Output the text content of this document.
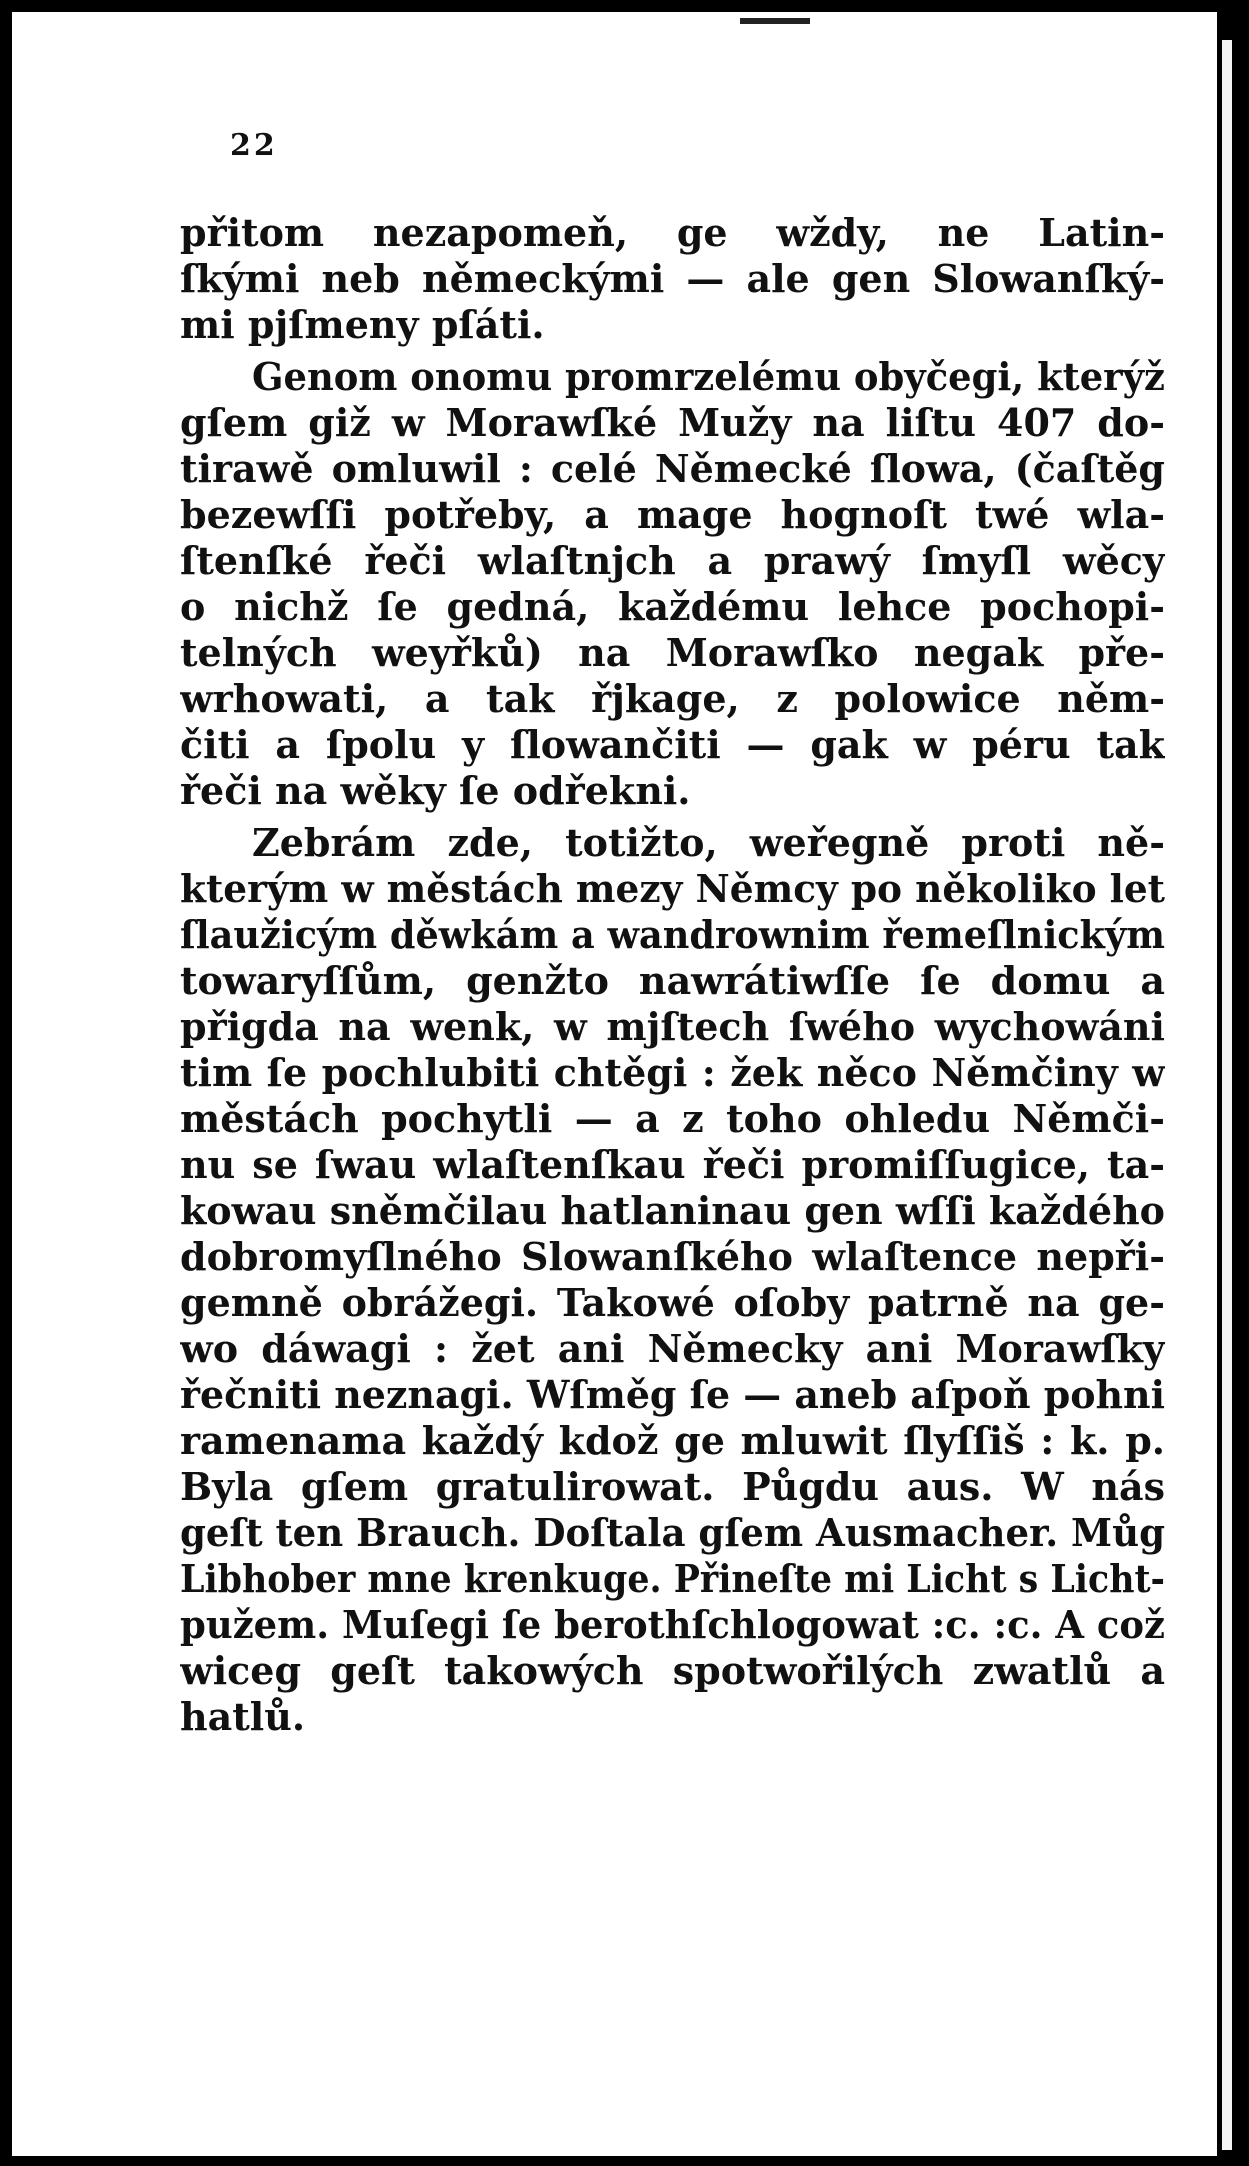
22
přitom nezapomeň, ge wždy, ne Latin-
ſkými neb německými — ale gen Slowanſký-
mi pjſmeny pſáti.
Genom onomu promrzelému obyčegi, kterýž
gſem giž w Morawſké Mužy na liſtu 407 do-
tirawě omluwil : celé Německé ſlowa, (čaſtěg
bezewſſi potřeby, a mage hognoſt twé wla-
ſtenſké řeči wlaſtnjch a prawý ſmyſl wěcy
o nichž ſe gedná, každému lehce pochopi-
telných weyřků) na Morawſko negak pře-
wrhowati, a tak řjkage, z polowice něm-
čiti a ſpolu y ſlowančiti — gak w péru tak
řeči na wěky ſe odřekni.
Zebrám zde, totižto, weřegně proti ně-
kterým w městách mezy Němcy po několiko let
ſlaužicým děwkám a wandrownim řemeſlnickým
towaryſſům, genžto nawrátiwſſe ſe domu a
přigda na wenk, w mjſtech ſwého wychowáni
tim ſe pochlubiti chtěgi : žek něco Němčiny w
městách pochytli — a z toho ohledu Němči-
nu se ſwau wlaſtenſkau řeči promiſſugice, ta-
kowau sněmčilau hatlaninau gen wſſi každého
dobromyſlného Slowanſkého wlaſtence nepři-
gemně obrážegi. Takowé oſoby patrně na ge-
wo dáwagi : žet ani Německy ani Morawſky
řečniti neznagi. Wſměg ſe — aneb aſpoň pohni
ramenama každý kdož ge mluwit ſlyſſiš : k. p.
Byla gſem gratulirowat. Půgdu aus. W nás
geſt ten Brauch. Doſtala gſem Ausmacher. Můg
Libhober mne krenkuge. Přineſte mi Licht s Licht-
pužem. Muſegi ſe berothſchlogowat :c. :c. A což
wiceg geſt takowých spotwořilých zwatlů a
hatlů.
